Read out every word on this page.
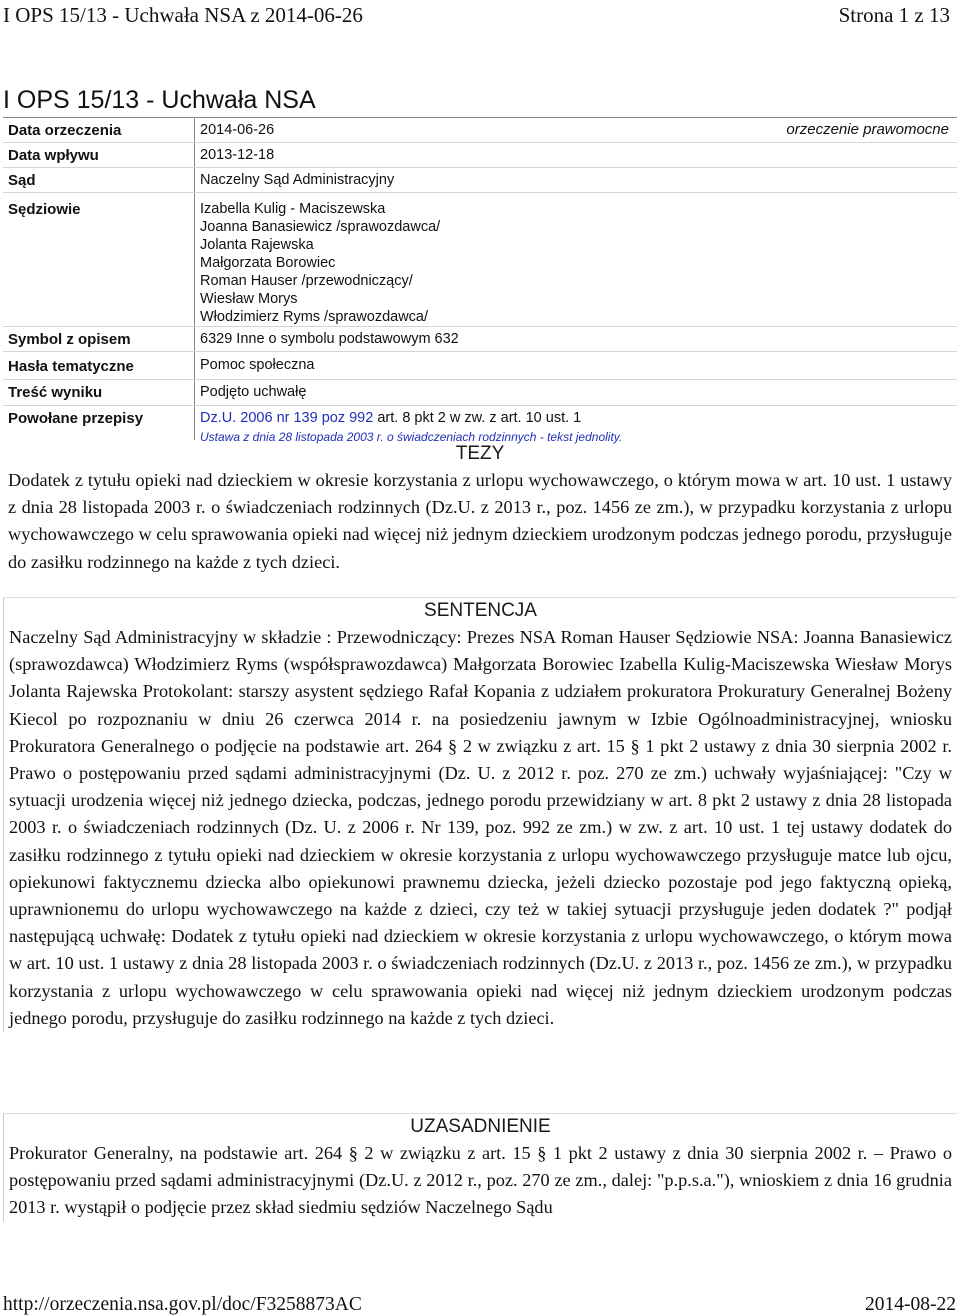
I OPS 15/13 - Uchwała NSA z 2014-06-26	Strona 1 z 13
I OPS 15/13 - Uchwała NSA
Data orzeczenia	2014-06-26	orzeczenie prawomocne
Data wpływu	2013-12-18
Sąd	Naczelny Sąd Administracyjny
Sędziowie	Izabella Kulig - Maciszewska
Joanna Banasiewicz /sprawozdawca/
Jolanta Rajewska
Małgorzata Borowiec
Roman Hauser /przewodniczący/
Wiesław Morys
Włodzimierz Ryms /sprawozdawca/
Symbol z opisem	6329 Inne o symbolu podstawowym 632
Hasła tematyczne	Pomoc społeczna
Treść wyniku	Podjęto uchwałę
Powołane przepisy	Dz.U. 2006 nr 139 poz 992 art. 8 pkt 2 w zw. z art. 10 ust. 1
Ustawa z dnia 28 listopada 2003 r. o świadczeniach rodzinnych - tekst jednolity.
TEZY

Dodatek z tytułu opieki nad dzieckiem w okresie korzystania z urlopu wychowawczego, o którym mowa w art. 10 ust. 1 ustawy z dnia 28 listopada 2003 r. o świadczeniach rodzinnych (Dz.U. z 2013 r., poz. 1456 ze zm.), w przypadku korzystania z urlopu wychowawczego w celu sprawowania opieki nad więcej niż jednym dzieckiem urodzonym podczas jednego porodu, przysługuje do zasiłku rodzinnego na każde z tych dzieci.

SENTENCJA

Naczelny Sąd Administracyjny w składzie : Przewodniczący: Prezes NSA Roman Hauser Sędziowie NSA: Joanna Banasiewicz (sprawozdawca) Włodzimierz Ryms (współsprawozdawca) Małgorzata Borowiec Izabella Kulig-Maciszewska Wiesław Morys Jolanta Rajewska Protokolant: starszy asystent sędziego Rafał Kopania z udziałem prokuratora Prokuratury Generalnej Bożeny Kiecol po rozpoznaniu w dniu 26 czerwca 2014 r. na posiedzeniu jawnym w Izbie Ogólnoadministracyjnej, wniosku Prokuratora Generalnego o podjęcie na podstawie art. 264 § 2 w związku z art. 15 § 1 pkt 2 ustawy z dnia 30 sierpnia 2002 r. Prawo o postępowaniu przed sądami administracyjnymi (Dz. U. z 2012 r. poz. 270 ze zm.) uchwały wyjaśniającej: "Czy w sytuacji urodzenia więcej niż jednego dziecka, podczas, jednego porodu przewidziany w art. 8 pkt 2 ustawy z dnia 28 listopada 2003 r. o świadczeniach rodzinnych (Dz. U. z 2006 r. Nr 139, poz. 992 ze zm.) w zw. z art. 10 ust. 1 tej ustawy dodatek do zasiłku rodzinnego z tytułu opieki nad dzieckiem w okresie korzystania z urlopu wychowawczego przysługuje matce lub ojcu, opiekunowi faktycznemu dziecka albo opiekunowi prawnemu dziecka, jeżeli dziecko pozostaje pod jego faktyczną opieką, uprawnionemu do urlopu wychowawczego na każde z dzieci, czy też w takiej sytuacji przysługuje jeden dodatek ?" podjął następującą uchwałę: Dodatek z tytułu opieki nad dzieckiem w okresie korzystania z urlopu wychowawczego, o którym mowa w art. 10 ust. 1 ustawy z dnia 28 listopada 2003 r. o świadczeniach rodzinnych (Dz.U. z 2013 r., poz. 1456 ze zm.), w przypadku korzystania z urlopu wychowawczego w celu sprawowania opieki nad więcej niż jednym dzieckiem urodzonym podczas jednego porodu, przysługuje do zasiłku rodzinnego na każde z tych dzieci.

UZASADNIENIE

Prokurator Generalny, na podstawie art. 264 § 2 w związku z art. 15 § 1 pkt 2 ustawy z dnia 30 sierpnia 2002 r. – Prawo o postępowaniu przed sądami administracyjnymi (Dz.U. z 2012 r., poz. 270 ze zm., dalej: "p.p.s.a."), wnioskiem z dnia 16 grudnia 2013 r. wystąpił o podjęcie przez skład siedmiu sędziów Naczelnego Sądu

http://orzeczenia.nsa.gov.pl/doc/F3258873AC	2014-08-22
